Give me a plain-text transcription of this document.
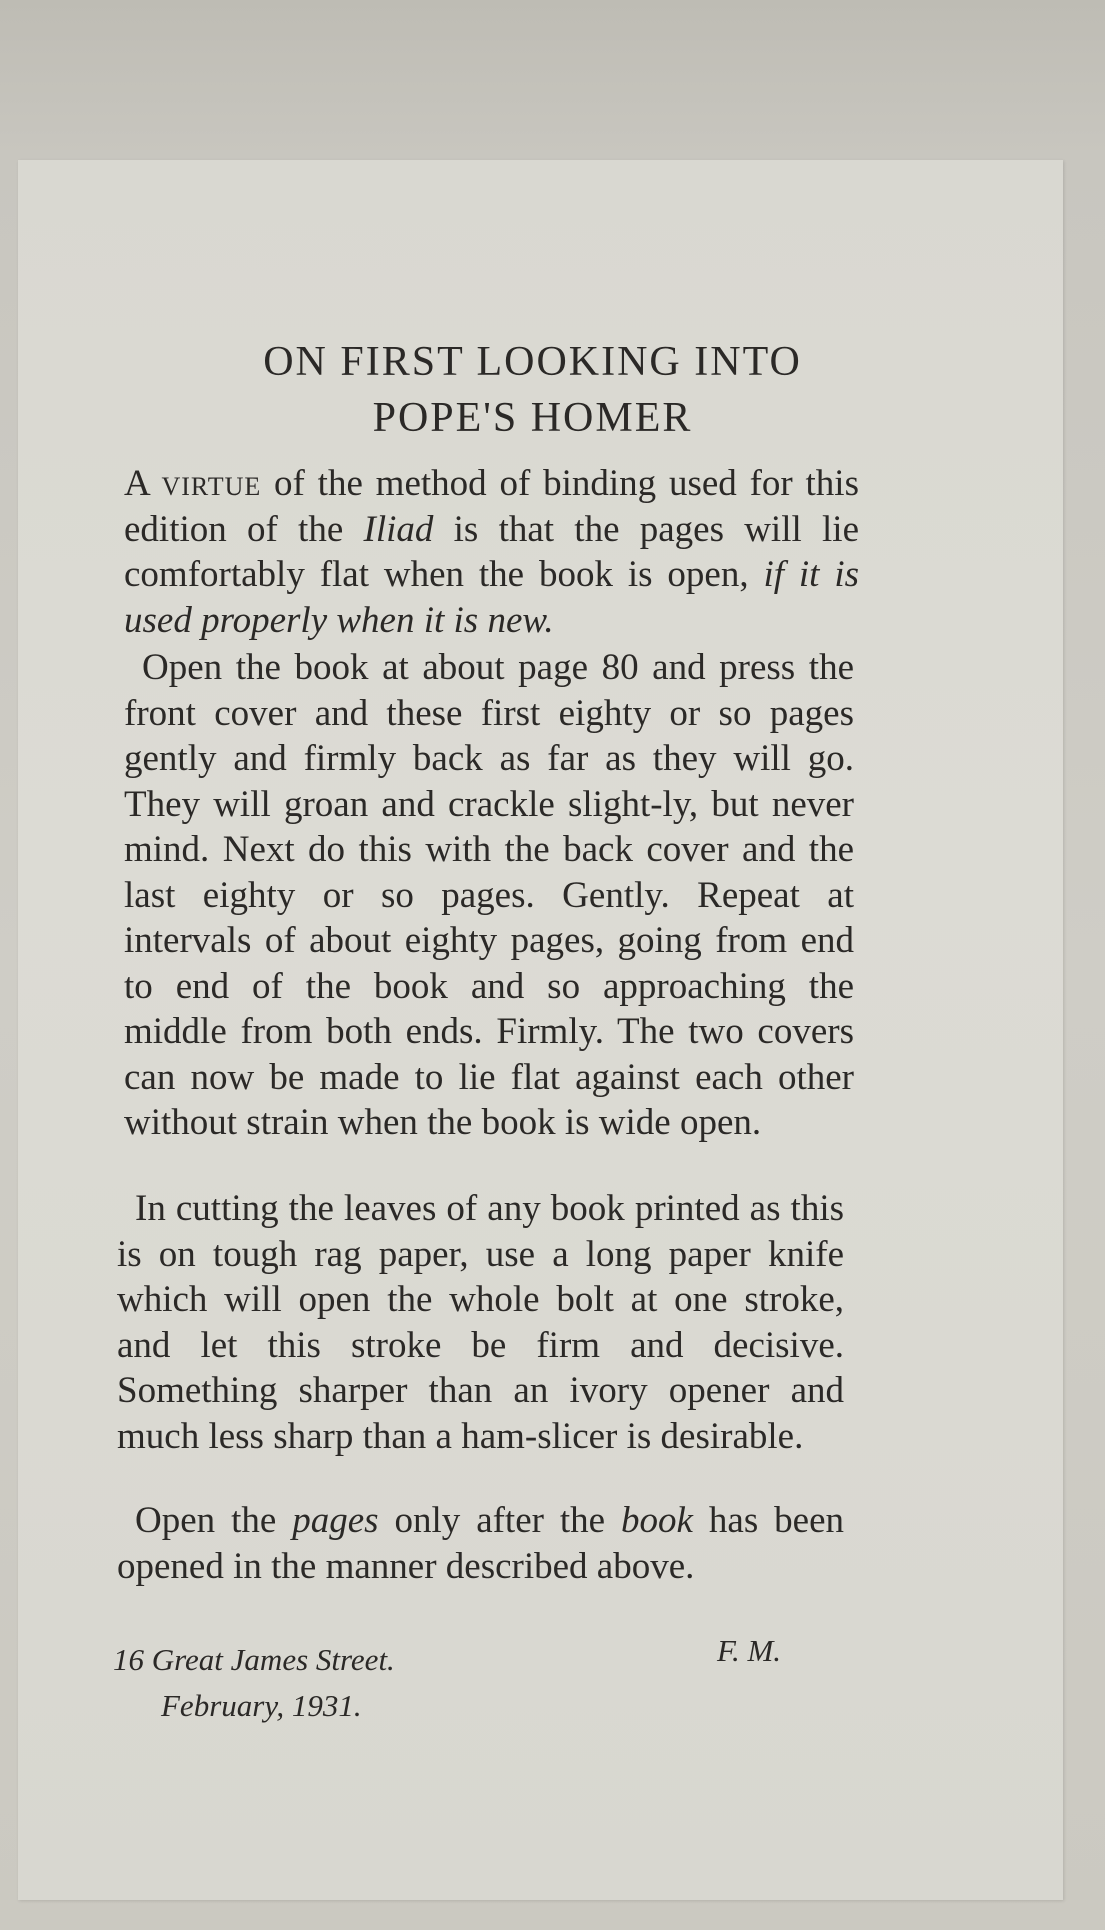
ON FIRST LOOKING INTO
POPE'S HOMER

A virtue of the method of binding used for this edition of the Iliad is that the pages will lie comfortably flat when the book is open, if it is used properly when it is new.

Open the book at about page 80 and press the front cover and these first eighty or so pages gently and firmly back as far as they will go. They will groan and crackle slight-ly, but never mind. Next do this with the back cover and the last eighty or so pages. Gently. Repeat at intervals of about eighty pages, going from end to end of the book and so approaching the middle from both ends. Firmly. The two covers can now be made to lie flat against each other without strain when the book is wide open.

In cutting the leaves of any book printed as this is on tough rag paper, use a long paper knife which will open the whole bolt at one stroke, and let this stroke be firm and decisive. Something sharper than an ivory opener and much less sharp than a ham-slicer is desirable.

Open the pages only after the book has been opened in the manner described above.

16 Great James Street.
February, 1931.

F. M.
